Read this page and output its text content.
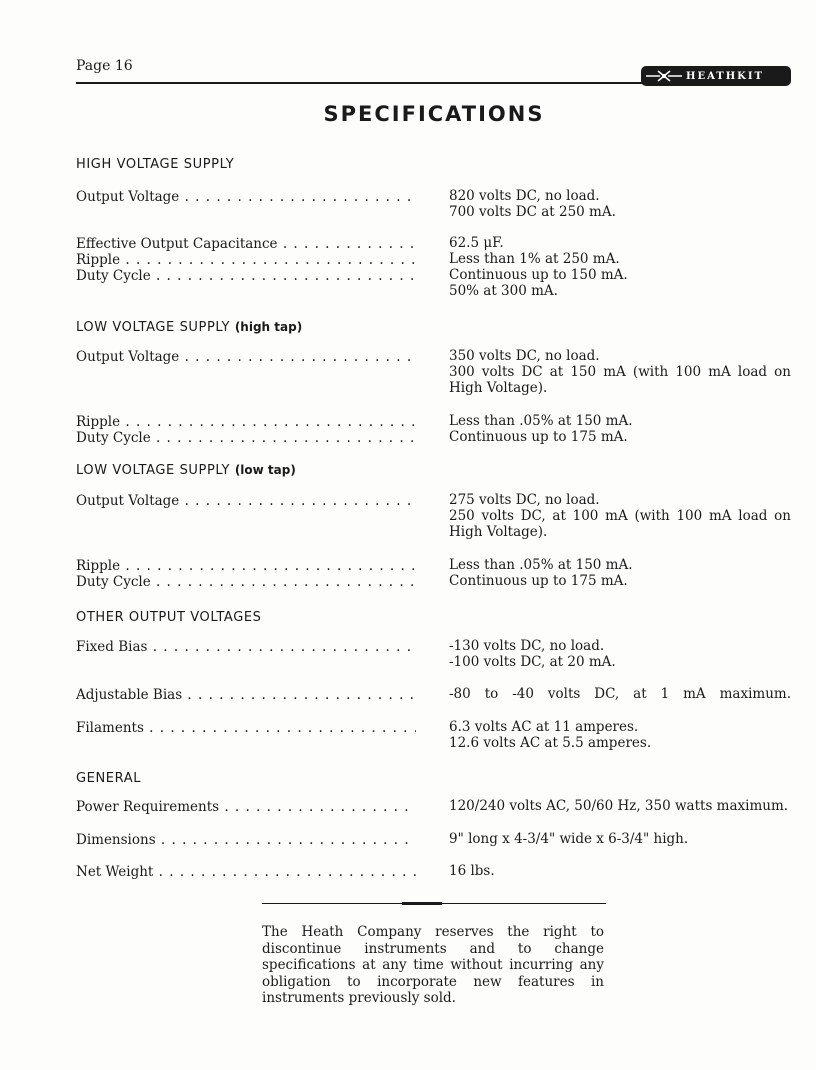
Page 16
HEATHKIT
SPECIFICATIONS
HIGH VOLTAGE SUPPLY
Output Voltage . . .	820 volts DC, no load.
700 volts DC at 250 mA.
Effective Output Capacitance . . .	62.5 μF.
Ripple . . .	Less than 1% at 250 mA.
Duty Cycle . . .	Continuous up to 150 mA.
50% at 300 mA.
LOW VOLTAGE SUPPLY (high tap)
Output Voltage . . .	350 volts DC, no load.
300 volts DC at 150 mA (with 100 mA load on
High Voltage).
Ripple . . .	Less than .05% at 150 mA.
Duty Cycle . . .	Continuous up to 175 mA.
LOW VOLTAGE SUPPLY (low tap)
Output Voltage . . .	275 volts DC, no load.
250 volts DC, at 100 mA (with 100 mA load on
High Voltage).
Ripple . . .	Less than .05% at 150 mA.
Duty Cycle . . .	Continuous up to 175 mA.
OTHER OUTPUT VOLTAGES
Fixed Bias . . .	-130 volts DC, no load.
-100 volts DC, at 20 mA.
Adjustable Bias . . .	-80 to -40 volts DC, at 1 mA maximum.
Filaments . . .	6.3 volts AC at 11 amperes.
12.6 volts AC at 5.5 amperes.
GENERAL
Power Requirements . . .	120/240 volts AC, 50/60 Hz, 350 watts maximum.
Dimensions . . .	9" long x 4-3/4" wide x 6-3/4" high.
Net Weight . . .	16 lbs.
The Heath Company reserves the right to discontinue instruments and to change specifications at any time without incurring any obligation to incorporate new features in instruments previously sold.
